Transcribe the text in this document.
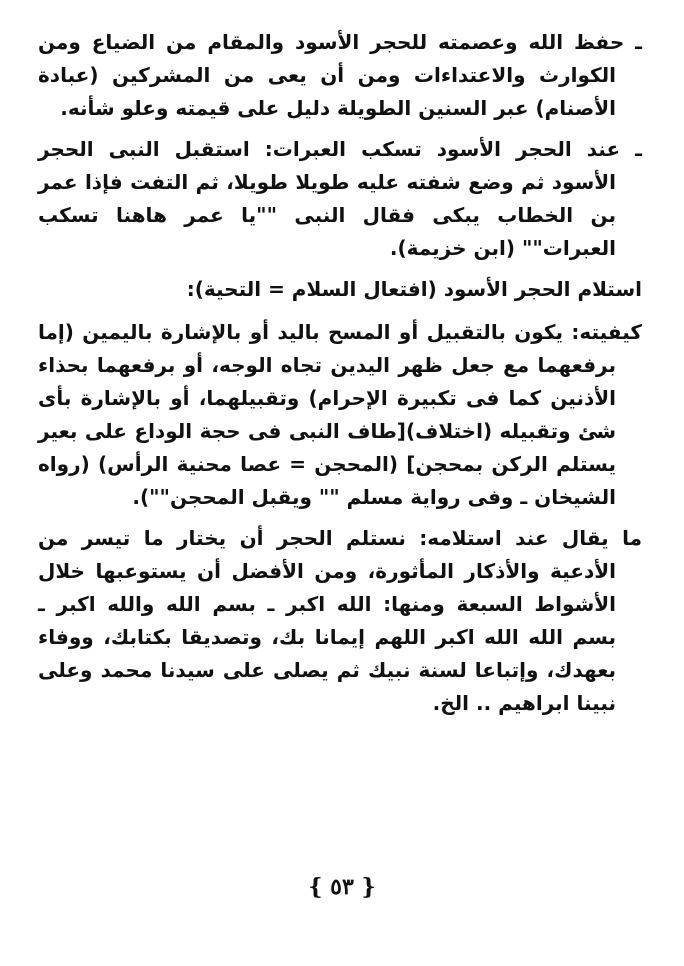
ـ حفظ الله وعصمته للحجر الأسود والمقام من الضياع ومن الكوارث والاعتداءات ومن أن يعى من المشركين (عبادة الأصنام) عبر السنين الطويلة دليل على قيمته وعلو شأنه.

ـ عند الحجر الأسود تسكب العبرات: استقبل النبى الحجر الأسود ثم وضع شفته عليه طويلا طويلا، ثم التفت فإذا عمر بن الخطاب يبكى فقال النبى ""يا عمر هاهنا تسكب العبرات"" (ابن خزيمة).

استلام الحجر الأسود (افتعال السلام = التحية):

كيفيته: يكون بالتقبيل أو المسح باليد أو بالإشارة باليمين (إما برفعهما مع جعل ظهر اليدين تجاه الوجه، أو برفعهما بحذاء الأذنين كما فى تكبيرة الإحرام) وتقبيلهما، أو بالإشارة بأى شئ وتقبيله (اختلاف)[طاف النبى فى حجة الوداع على بعير يستلم الركن بمحجن] (المحجن = عصا محنية الرأس) (رواه الشيخان ـ وفى رواية مسلم "" ويقبل المحجن"").

ما يقال عند استلامه: نستلم الحجر أن يختار ما تيسر من الأدعية والأذكار المأثورة، ومن الأفضل أن يستوعبها خلال الأشواط السبعة ومنها: الله اكبر ـ بسم الله والله اكبر ـ بسم الله الله اكبر اللهم إيمانا بك، وتصديقا بكتابك، ووفاء بعهدك، وإتباعا لسنة نبيك ثم يصلى على سيدنا محمد وعلى نبينا ابراهيم .. الخ.

{ ٥٣ }
